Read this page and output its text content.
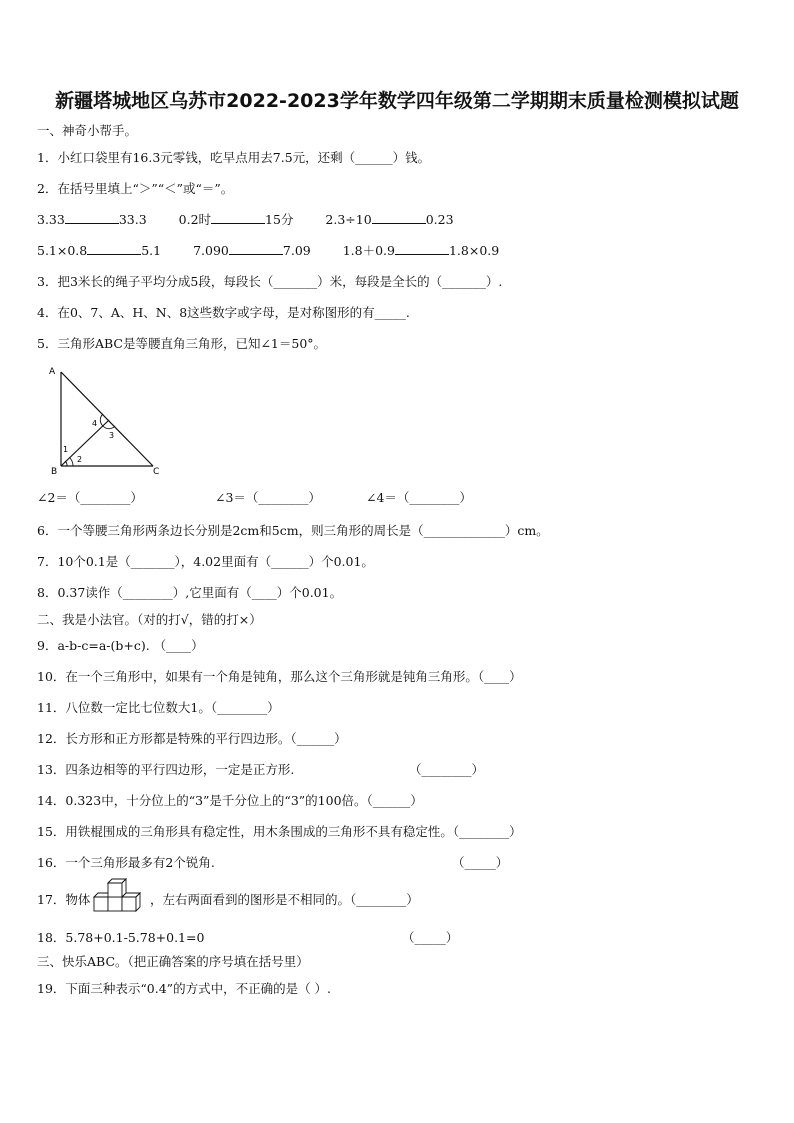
新疆塔城地区乌苏市2022-2023学年数学四年级第二学期期末质量检测模拟试题
一、神奇小帮手。
1．小红口袋里有16.3元零钱，吃早点用去7.5元，还剩（______）钱。
2．在括号里填上“＞”“＜”或“＝”。
3.33	33.3	0.2时	15分	2.3÷10	0.23
5.1×0.8	5.1	7.090	7.09	1.8＋0.9	1.8×0.9
3．把3米长的绳子平均分成5段，每段长（_______）米，每段是全长的（_______）.
4．在0、7、A、H、N、8这些数字或字母，是对称图形的有_____.
5．三角形ABC是等腰直角三角形，已知∠1＝50°。
A
B	C
1
2
3
4
∠2＝（________）	∠3＝（________）	∠4＝（________）
6．一个等腰三角形两条边长分别是2cm和5cm，则三角形的周长是（_____________）cm。
7．10个0.1是（_______），4.02里面有（______）个0.01。
8．0.37读作（________）,它里面有（____）个0.01。
二、我是小法官。（对的打√，错的打×）
9．a-b-c=a-(b+c). （____）
10．在一个三角形中，如果有一个角是钝角，那么这个三角形就是钝角三角形。（____）
11．八位数一定比七位数大1。（________）
12．长方形和正方形都是特殊的平行四边形。（______）
13．四条边相等的平行四边形，一定是正方形.	（________）
14．0.323中，十分位上的“3”是千分位上的“3”的100倍。（______）
15．用铁棍围成的三角形具有稳定性，用木条围成的三角形不具有稳定性。（________）
16．一个三角形最多有2个锐角.	（_____）
17．物体	，左右两面看到的图形是不相同的。（________）
18．5.78+0.1-5.78+0.1=0	（_____）
三、快乐ABC。（把正确答案的序号填在括号里）
19．下面三种表示“0.4”的方式中，不正确的是（ ）.
